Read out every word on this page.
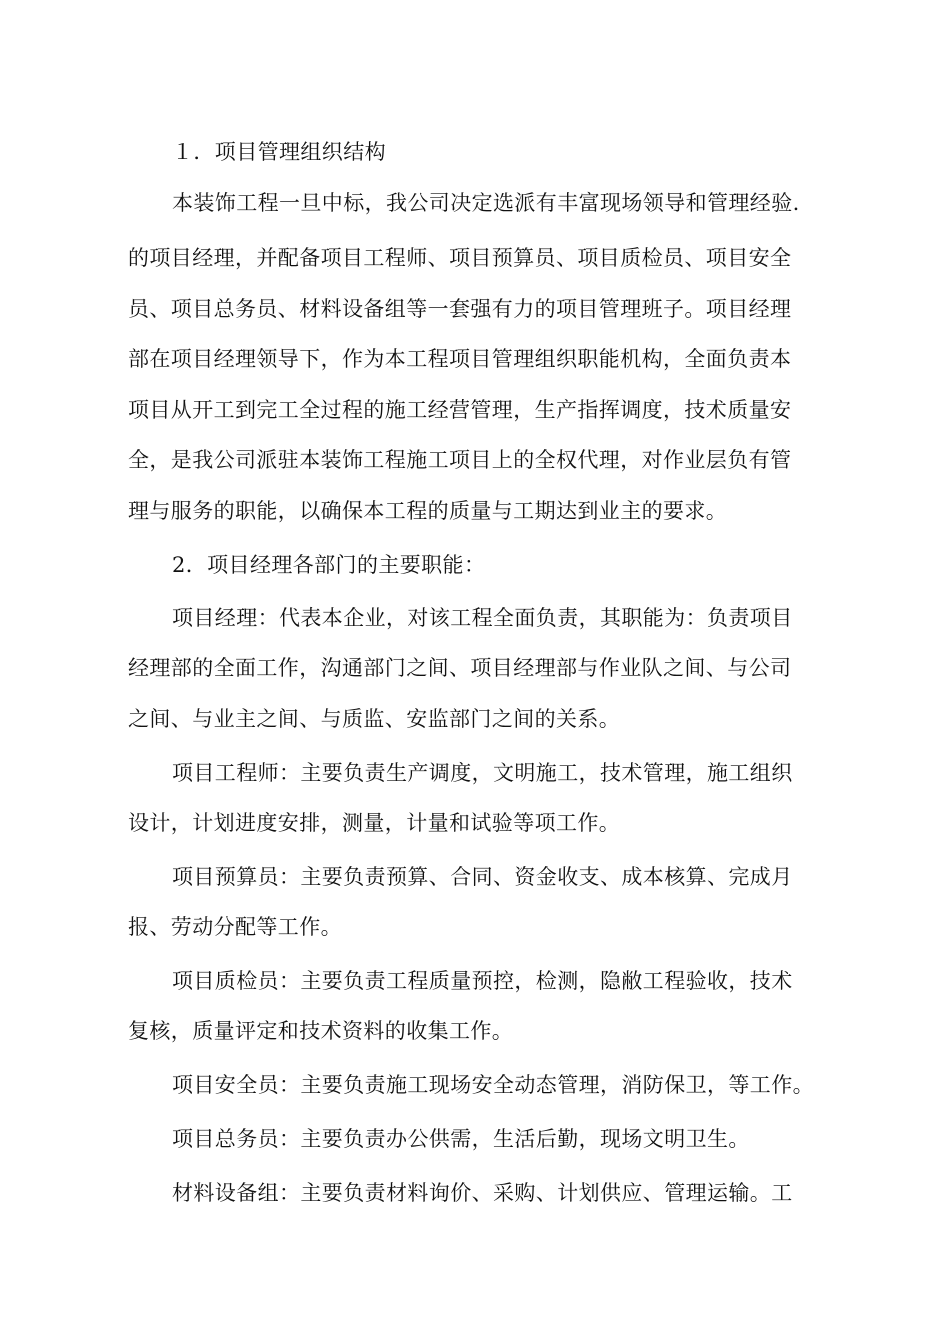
１．项目管理组织结构
本装饰工程一旦中标，我公司决定选派有丰富现场领导和管理经验.
的项目经理，并配备项目工程师、项目预算员、项目质检员、项目安全
员、项目总务员、材料设备组等一套强有力的项目管理班子。项目经理
部在项目经理领导下，作为本工程项目管理组织职能机构，全面负责本
项目从开工到完工全过程的施工经营管理，生产指挥调度，技术质量安
全，是我公司派驻本装饰工程施工项目上的全权代理，对作业层负有管
理与服务的职能，以确保本工程的质量与工期达到业主的要求。
2．项目经理各部门的主要职能：
项目经理：代表本企业，对该工程全面负责，其职能为：负责项目
经理部的全面工作，沟通部门之间、项目经理部与作业队之间、与公司
之间、与业主之间、与质监、安监部门之间的关系。
项目工程师：主要负责生产调度，文明施工，技术管理，施工组织
设计，计划进度安排，测量，计量和试验等项工作。
项目预算员：主要负责预算、合同、资金收支、成本核算、完成月
报、劳动分配等工作。
项目质检员：主要负责工程质量预控，检测，隐敝工程验收，技术
复核，质量评定和技术资料的收集工作。
项目安全员：主要负责施工现场安全动态管理，消防保卫，等工作。
项目总务员：主要负责办公供需，生活后勤，现场文明卫生。
材料设备组：主要负责材料询价、采购、计划供应、管理运输。工
